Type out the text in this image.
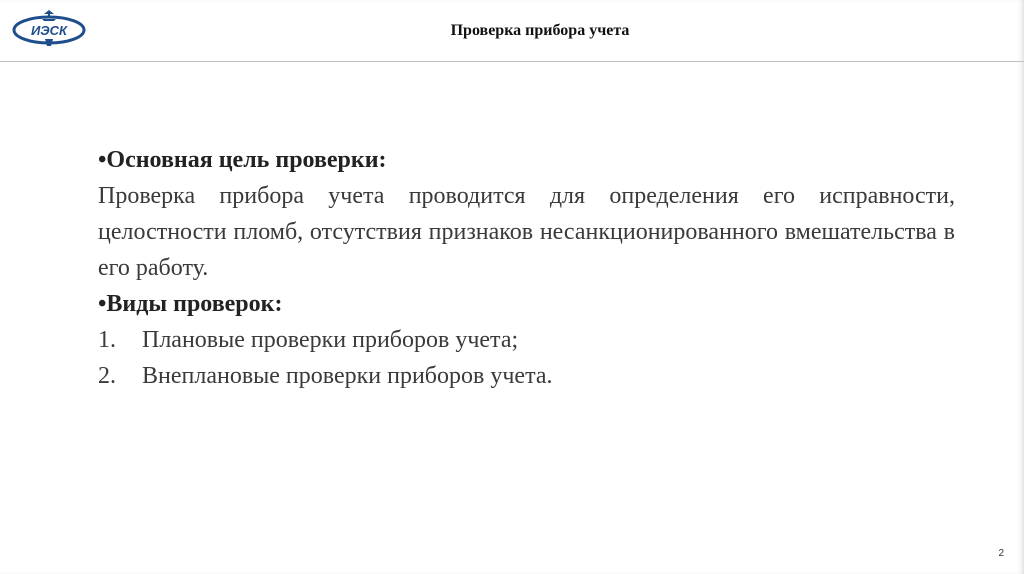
ИЭСК	Проверка прибора учета
•Основная цель проверки:
Проверка прибора учета проводится для определения его исправности, целостности пломб, отсутствия признаков несанкционированного вмешательства в его работу.
•Виды проверок:
1.	Плановые проверки приборов учета;
2.	Внеплановые проверки приборов учета.
2
